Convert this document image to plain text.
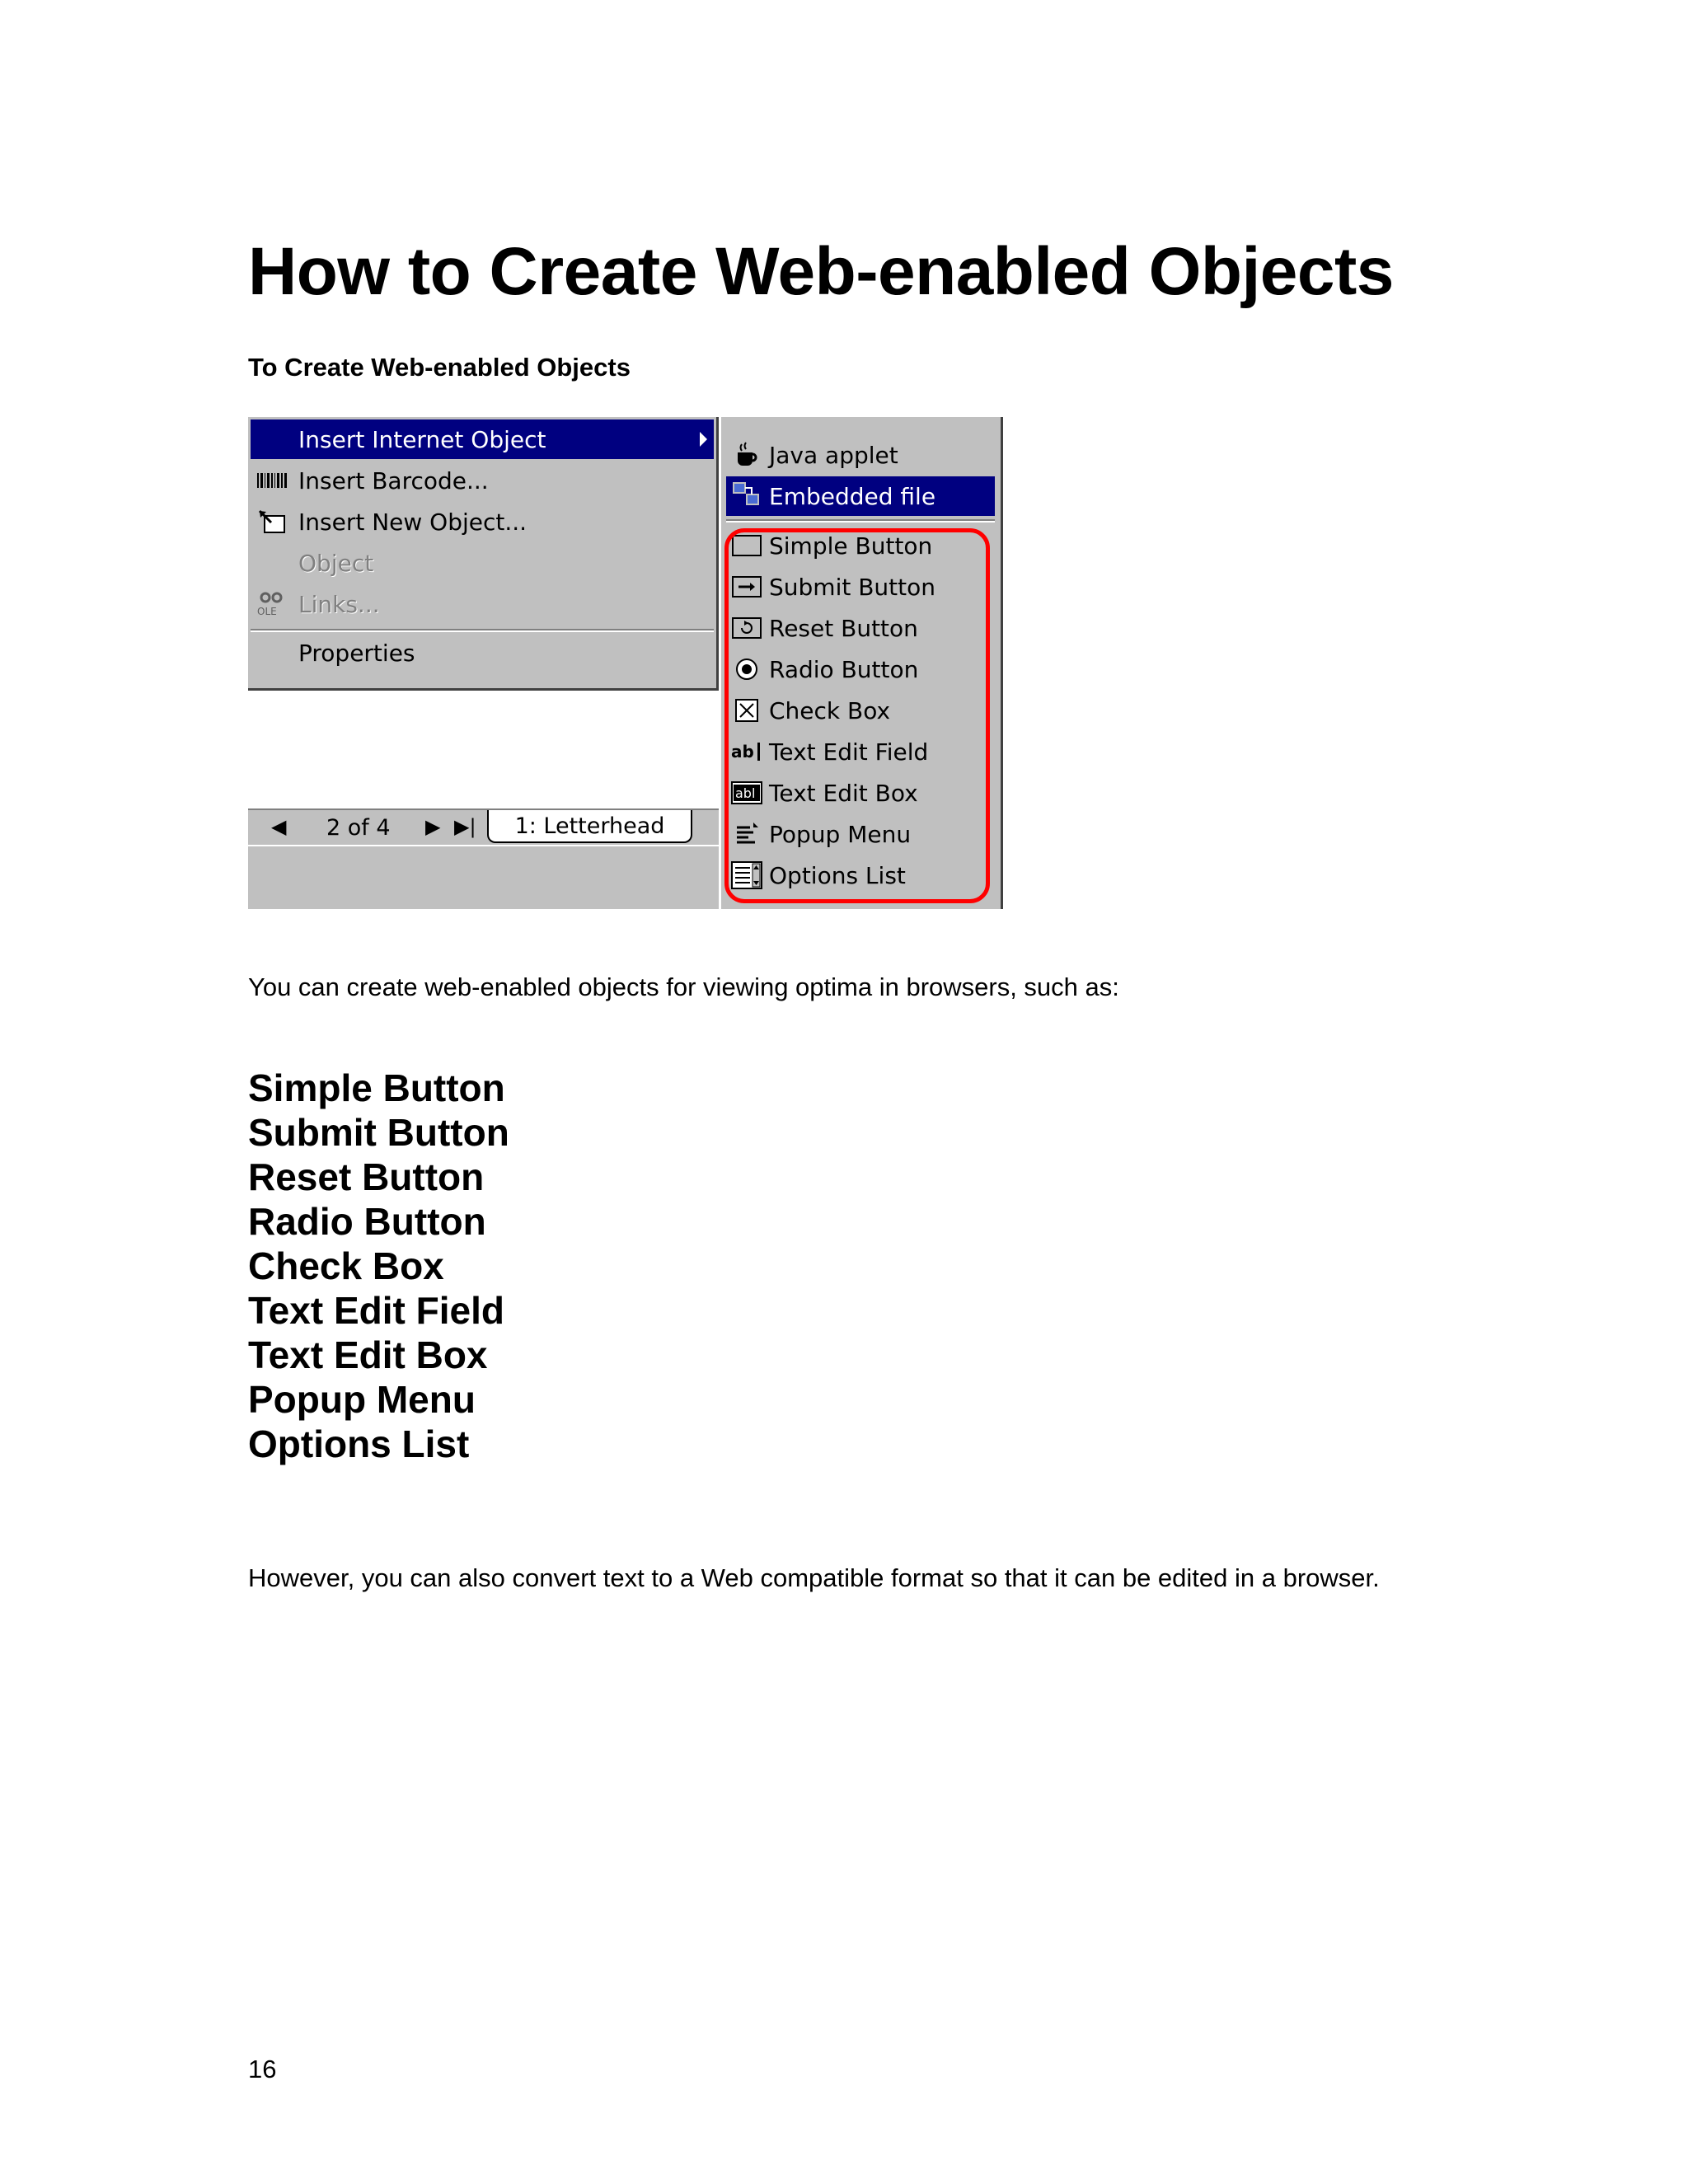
How to Create Web-enabled Objects
To Create Web-enabled Objects
Insert Internet Object
Insert Barcode...
Insert New Object...
Object
OLE Links...
Properties
Java applet
Embedded file
Simple Button
Submit Button
Reset Button
Radio Button
Check Box
ab Text Edit Field
abl Text Edit Box
Popup Menu
Options List
◀ 2 of 4 ▶ ▶|	1: Letterhead

You can create web-enabled objects for viewing optima in browsers, such as:

Simple Button
Submit Button
Reset Button
Radio Button
Check Box
Text Edit Field
Text Edit Box
Popup Menu
Options List

However, you can also convert text to a Web compatible format so that it can be edited in a browser.

16
